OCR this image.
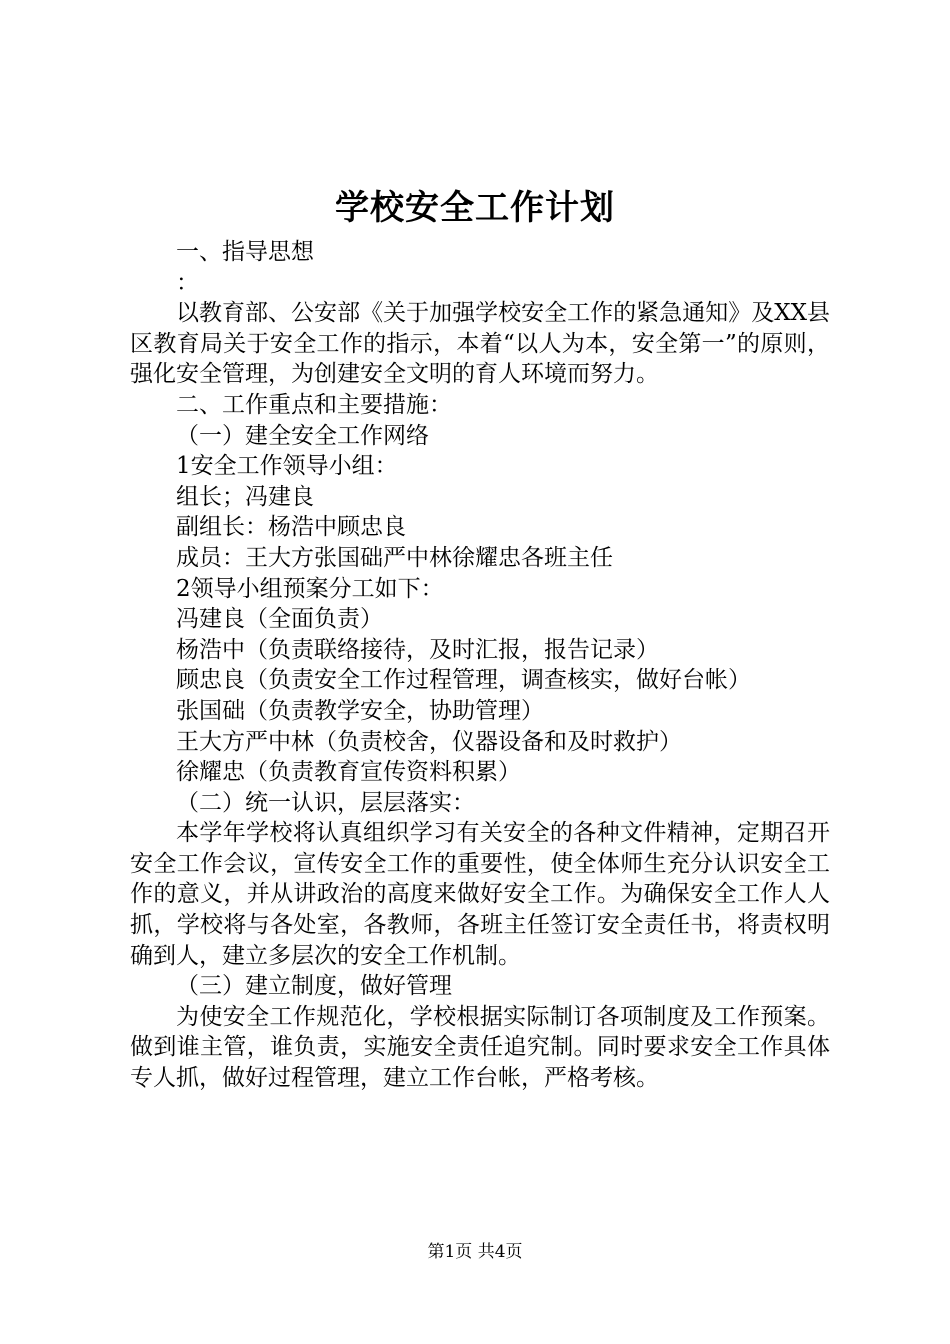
学校安全工作计划
一、指导思想
：
以教育部、公安部《关于加强学校安全工作的紧急通知》及XX县区教育局关于安全工作的指示，本着“以人为本，安全第一”的原则，强化安全管理，为创建安全文明的育人环境而努力。
二、工作重点和主要措施：
（一）建全安全工作网络
1安全工作领导小组：
组长；冯建良
副组长：杨浩中顾忠良
成员：王大方张国础严中林徐耀忠各班主任
2领导小组预案分工如下：
冯建良（全面负责）
杨浩中（负责联络接待，及时汇报，报告记录）
顾忠良（负责安全工作过程管理，调查核实，做好台帐）
张国础（负责教学安全，协助管理）
王大方严中林（负责校舍，仪器设备和及时救护）
徐耀忠（负责教育宣传资料积累）
（二）统一认识，层层落实：
本学年学校将认真组织学习有关安全的各种文件精神，定期召开安全工作会议，宣传安全工作的重要性，使全体师生充分认识安全工作的意义，并从讲政治的高度来做好安全工作。为确保安全工作人人抓，学校将与各处室，各教师，各班主任签订安全责任书，将责权明确到人，建立多层次的安全工作机制。
（三）建立制度，做好管理
为使安全工作规范化，学校根据实际制订各项制度及工作预案。做到谁主管，谁负责，实施安全责任追究制。同时要求安全工作具体专人抓，做好过程管理，建立工作台帐，严格考核。
第1页 共4页
